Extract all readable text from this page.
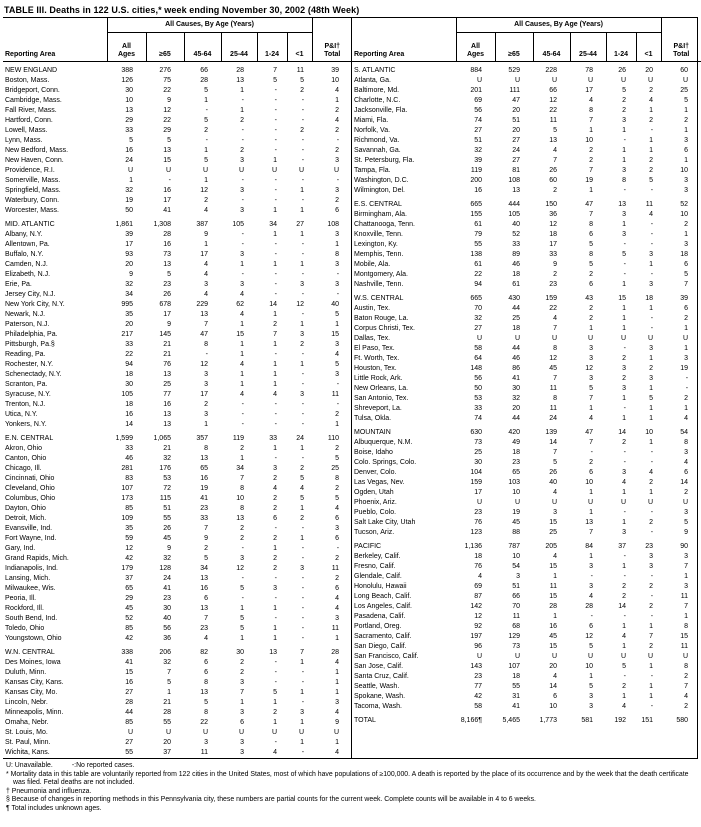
TABLE III. Deaths in 122 U.S. cities,* week ending November 30, 2002 (48th Week)
Reporting Area	All Causes, By Age (Years)						P&I† Total
	All Ages	≥65	45-64	25-44	1-24	<1	

NEW ENGLAND	388	276	66	28	7	11	39
Boston, Mass.	126	75	28	13	5	5	10
Bridgeport, Conn.	30	22	5	1	-	2	4
Cambridge, Mass.	10	9	1	-	-	-	1
Fall River, Mass.	13	12	-	1	-	-	2
Hartford, Conn.	29	22	5	2	-	-	4
Lowell, Mass.	33	29	2	-	-	2	2
Lynn, Mass.	5	5	-	-	-	-	-
New Bedford, Mass.	16	13	1	2	-	-	2
New Haven, Conn.	24	15	5	3	1	-	3
Providence, R.I.	U	U	U	U	U	U	U
Somerville, Mass.	1	-	1	-	-	-	-
Springfield, Mass.	32	16	12	3	-	1	3
Waterbury, Conn.	19	17	2	-	-	-	2
Worcester, Mass.	50	41	4	3	1	1	6

MID. ATLANTIC	1,861	1,308	387	105	34	27	108
Albany, N.Y.	39	28	9	-	1	1	3
Allentown, Pa.	17	16	1	-	-	-	1
Buffalo, N.Y.	93	73	17	3	-	-	8
Camden, N.J.	20	13	4	1	1	1	3
Elizabeth, N.J.	9	5	4	-	-	-	-
Erie, Pa.	32	23	3	3	-	3	3
Jersey City, N.J.	34	26	4	4	-	-	-
New York City, N.Y.	995	678	229	62	14	12	40
Newark, N.J.	35	17	13	4	1	-	5
Paterson, N.J.	20	9	7	1	2	1	1
Philadelphia, Pa.	217	145	47	15	7	3	15
Pittsburgh, Pa.§	33	21	8	1	1	2	3
Reading, Pa.	22	21	-	1	-	-	4
Rochester, N.Y.	94	76	12	4	1	1	5
Schenectady, N.Y.	18	13	3	1	1	-	3
Scranton, Pa.	30	25	3	1	1	-	-
Syracuse, N.Y.	105	77	17	4	4	3	11
Trenton, N.J.	18	16	2	-	-	-	-
Utica, N.Y.	16	13	3	-	-	-	2
Yonkers, N.Y.	14	13	1	-	-	-	1

E.N. CENTRAL	1,599	1,065	357	119	33	24	110
Akron, Ohio	33	21	8	2	1	1	2
Canton, Ohio	46	32	13	1	-	-	5
Chicago, Ill.	281	176	65	34	3	2	25
Cincinnati, Ohio	83	53	16	7	2	5	8
Cleveland, Ohio	107	72	19	8	4	4	2
Columbus, Ohio	173	115	41	10	2	5	5
Dayton, Ohio	85	51	23	8	2	1	4
Detroit, Mich.	109	55	33	13	6	2	6
Evansville, Ind.	35	26	7	2	-	-	3
Fort Wayne, Ind.	59	45	9	2	2	1	6
Gary, Ind.	12	9	2	-	1	-	-
Grand Rapids, Mich.	42	32	5	3	2	-	2
Indianapolis, Ind.	179	128	34	12	2	3	11
Lansing, Mich.	37	24	13	-	-	-	2
Milwaukee, Wis.	65	41	16	5	3	-	6
Peoria, Ill.	29	23	6	-	-	-	4
Rockford, Ill.	45	30	13	1	1	-	4
South Bend, Ind.	52	40	7	5	-	-	3
Toledo, Ohio	85	56	23	5	1	-	11
Youngstown, Ohio	42	36	4	1	1	-	1

W.N. CENTRAL	338	206	82	30	13	7	28
Des Moines, Iowa	41	32	6	2	-	1	4
Duluth, Minn.	15	7	6	2	-	-	1
Kansas City, Kans.	16	5	8	3	-	-	1
Kansas City, Mo.	27	1	13	7	5	1	1
Lincoln, Nebr.	28	21	5	1	1	-	3
Minneapolis, Minn.	44	28	8	3	2	3	4
Omaha, Nebr.	85	55	22	6	1	1	9
St. Louis, Mo.	U	U	U	U	U	U	U
St. Paul, Minn.	27	20	3	3	-	1	1
Wichita, Kans.	55	37	11	3	4	-	4
Reporting Area	All Causes, By Age (Years)						P&I† Total
	All Ages	≥65	45-64	25-44	1-24	<1	

S. ATLANTIC	884	529	228	78	26	20	60
Atlanta, Ga.	U	U	U	U	U	U	U
Baltimore, Md.	201	111	66	17	5	2	25
Charlotte, N.C.	69	47	12	4	2	4	5
Jacksonville, Fla.	56	20	22	8	2	1	1
Miami, Fla.	74	51	11	7	3	2	2
Norfolk, Va.	27	20	5	1	1	-	1
Richmond, Va.	51	27	13	10	-	1	3
Savannah, Ga.	32	24	4	2	1	1	6
St. Petersburg, Fla.	39	27	7	2	1	2	1
Tampa, Fla.	119	81	26	7	3	2	10
Washington, D.C.	200	108	60	19	8	5	3
Wilmington, Del.	16	13	2	1	-	-	3

E.S. CENTRAL	665	444	150	47	13	11	52
Birmingham, Ala.	155	105	36	7	3	4	10
Chattanooga, Tenn.	61	40	12	8	1	-	2
Knoxville, Tenn.	79	52	18	6	3	-	1
Lexington, Ky.	55	33	17	5	-	-	3
Memphis, Tenn.	138	89	33	8	5	3	18
Mobile, Ala.	61	46	9	5	-	1	6
Montgomery, Ala.	22	18	2	2	-	-	5
Nashville, Tenn.	94	61	23	6	1	3	7

W.S. CENTRAL	665	430	159	43	15	18	39
Austin, Tex.	70	44	22	2	1	1	6
Baton Rouge, La.	32	25	4	2	1	-	2
Corpus Christi, Tex.	27	18	7	1	1	-	1
Dallas, Tex.	U	U	U	U	U	U	U
El Paso, Tex.	58	44	8	3	-	3	1
Ft. Worth, Tex.	64	46	12	3	2	1	3
Houston, Tex.	148	86	45	12	3	2	19
Little Rock, Ark.	56	41	7	3	2	3	-
New Orleans, La.	50	30	11	5	3	1	-
San Antonio, Tex.	53	32	8	7	1	5	2
Shreveport, La.	33	20	11	1	-	1	1
Tulsa, Okla.	74	44	24	4	1	1	4

MOUNTAIN	630	420	139	47	14	10	54
Albuquerque, N.M.	73	49	14	7	2	1	8
Boise, Idaho	25	18	7	-	-	-	3
Colo. Springs, Colo.	30	23	5	2	-	-	4
Denver, Colo.	104	65	26	6	3	4	6
Las Vegas, Nev.	159	103	40	10	4	2	14
Ogden, Utah	17	10	4	1	1	1	2
Phoenix, Ariz.	U	U	U	U	U	U	U
Pueblo, Colo.	23	19	3	1	-	-	3
Salt Lake City, Utah	76	45	15	13	1	2	5
Tucson, Ariz.	123	88	25	7	3	-	9

PACIFIC	1,136	787	205	84	37	23	90
Berkeley, Calif.	18	10	4	1	-	3	3
Fresno, Calif.	76	54	15	3	1	3	7
Glendale, Calif.	4	3	1	-	-	-	1
Honolulu, Hawaii	69	51	11	3	2	2	3
Long Beach, Calif.	87	66	15	4	2	-	11
Los Angeles, Calif.	142	70	28	28	14	2	7
Pasadena, Calif.	12	11	1	-	-	-	1
Portland, Oreg.	92	68	16	6	1	1	8
Sacramento, Calif.	197	129	45	12	4	7	15
San Diego, Calif.	96	73	15	5	1	2	11
San Francisco, Calif.	U	U	U	U	U	U	U
San Jose, Calif.	143	107	20	10	5	1	8
Santa Cruz, Calif.	23	18	4	1	-	-	2
Seattle, Wash.	77	55	14	5	2	1	7
Spokane, Wash.	42	31	6	3	1	1	4
Tacoma, Wash.	58	41	10	3	4	-	2

TOTAL	8,166¶	5,465	1,773	581	192	151	580
U: Unavailable.          -:No reported cases.
* Mortality data in this table are voluntarily reported from 122 cities in the United States, most of which have populations of ≥100,000. A death is reported by the place of its occurrence and by the week that the death certificate was filed. Fetal deaths are not included.
† Pneumonia and influenza.
§ Because of changes in reporting methods in this Pennsylvania city, these numbers are partial counts for the current week. Complete counts will be available in 4 to 6 weeks.
¶ Total includes unknown ages.
